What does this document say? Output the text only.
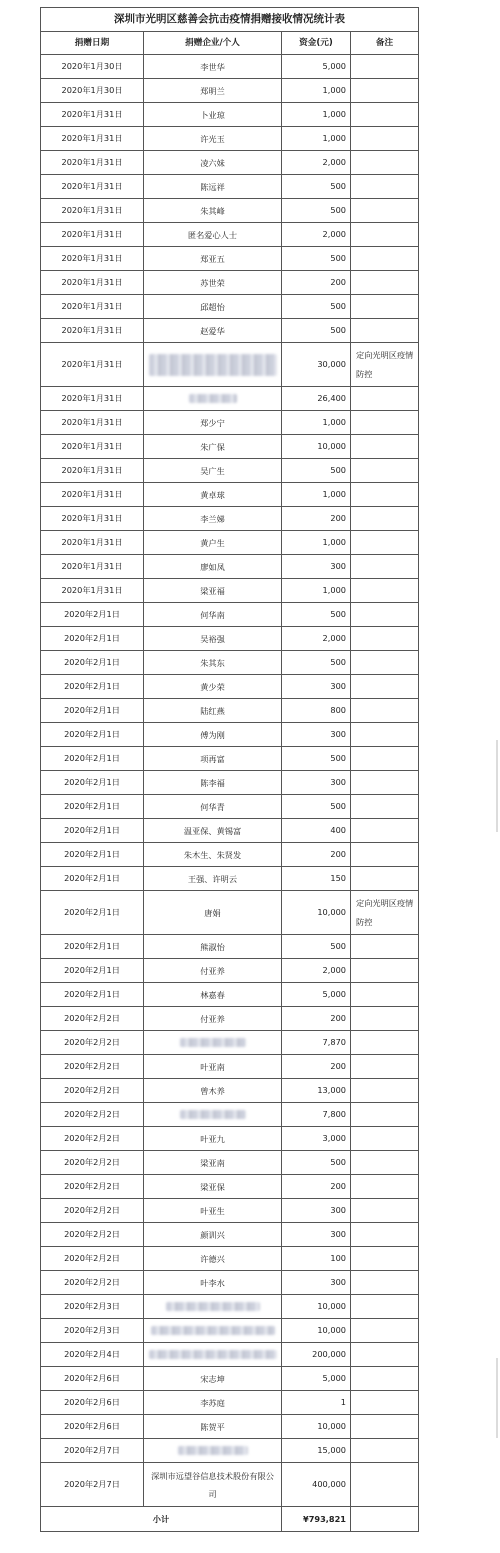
深圳市光明区慈善会抗击疫情捐赠接收情况统计表			
捐赠日期	捐赠企业/个人	资金(元)	备注
2020年1月30日	李世华	5,000	
2020年1月30日	郑明兰	1,000	
2020年1月31日	卜业琼	1,000	
2020年1月31日	许光玉	1,000	
2020年1月31日	凌六妹	2,000	
2020年1月31日	陈远祥	500	
2020年1月31日	朱其峰	500	
2020年1月31日	匿名爱心人士	2,000	
2020年1月31日	郑亚五	500	
2020年1月31日	苏世荣	200	
2020年1月31日	邱超怡	500	
2020年1月31日	赵爱华	500	
2020年1月31日		30,000	定向光明区疫情防控
2020年1月31日		26,400	
2020年1月31日	郑少宁	1,000	
2020年1月31日	朱广保	10,000	
2020年1月31日	吴广生	500	
2020年1月31日	黄卓球	1,000	
2020年1月31日	李兰娣	200	
2020年1月31日	黄户生	1,000	
2020年1月31日	廖如凤	300	
2020年1月31日	梁亚福	1,000	
2020年2月1日	何华南	500	
2020年2月1日	吴裕强	2,000	
2020年2月1日	朱其东	500	
2020年2月1日	黄少荣	300	
2020年2月1日	陆红燕	800	
2020年2月1日	傅为刚	300	
2020年2月1日	项再富	500	
2020年2月1日	陈李福	300	
2020年2月1日	何华青	500	
2020年2月1日	温亚保、黄锡富	400	
2020年2月1日	朱木生、朱贤发	200	
2020年2月1日	王强、许明云	150	
2020年2月1日	唐娟	10,000	定向光明区疫情防控
2020年2月1日	熊淑怡	500	
2020年2月1日	付亚养	2,000	
2020年2月1日	林嘉春	5,000	
2020年2月2日	付亚养	200	
2020年2月2日		7,870	
2020年2月2日	叶亚南	200	
2020年2月2日	曾木养	13,000	
2020年2月2日		7,800	
2020年2月2日	叶亚九	3,000	
2020年2月2日	梁亚南	500	
2020年2月2日	梁亚保	200	
2020年2月2日	叶亚生	300	
2020年2月2日	颜训兴	300	
2020年2月2日	许德兴	100	
2020年2月2日	叶李水	300	
2020年2月3日		10,000	
2020年2月3日		10,000	
2020年2月4日		200,000	
2020年2月6日	宋志坤	5,000	
2020年2月6日	李苏庭	1	
2020年2月6日	陈贺平	10,000	
2020年2月7日		15,000	
2020年2月7日	深圳市远望谷信息技术股份有限公司	400,000	
小计		¥793,821	
